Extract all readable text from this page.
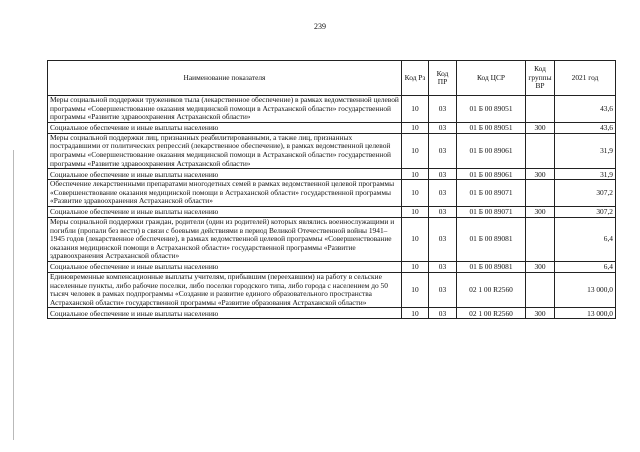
239
Наименование показателя	Код Рз	Код ПР	Код ЦСР	Код группы ВР	2021 год
Меры социальной поддержки тружеников тыла (лекарственное обеспечение) в рамках ведомственной целевой программы «Совершенствование оказания медицинской помощи в Астраханской области» государственной программы «Развитие здравоохранения Астраханской области»	10	03	01 Б 00 89051		43,6
Социальное обеспечение и иные выплаты населению	10	03	01 Б 00 89051	300	43,6
Меры социальной поддержки лиц, признанных реабилитированными, а также лиц, признанных пострадавшими от политических репрессий (лекарственное обеспечение), в рамках ведомственной целевой программы «Совершенствование оказания медицинской помощи в Астраханской области» государственной программы «Развитие здравоохранения Астраханской области»	10	03	01 Б 00 89061		31,9
Социальное обеспечение и иные выплаты населению	10	03	01 Б 00 89061	300	31,9
Обеспечение лекарственными препаратами многодетных семей в рамках ведомственной целевой программы «Совершенствование оказания медицинской помощи в Астраханской области» государственной программы «Развитие здравоохранения Астраханской области»	10	03	01 Б 00 89071		307,2
Социальное обеспечение и иные выплаты населению	10	03	01 Б 00 89071	300	307,2
Меры социальной поддержки граждан, родители (один из родителей) которых являлись военнослужащими и погибли (пропали без вести) в связи с боевыми действиями в период Великой Отечественной войны 1941–1945 годов (лекарственное обеспечение), в рамках ведомственной целевой программы «Совершенствование оказания медицинской помощи в Астраханской области» государственной программы «Развитие здравоохранения Астраханской области»	10	03	01 Б 00 89081		6,4
Социальное обеспечение и иные выплаты населению	10	03	01 Б 00 89081	300	6,4
Единовременные компенсационные выплаты учителям, прибывшим (переехавшим) на работу в сельские населенные пункты, либо рабочие поселки, либо поселки городского типа, либо города с населением до 50 тысяч человек в рамках подпрограммы «Создание и развитие единого образовательного пространства Астраханской области» государственной программы «Развитие образования Астраханской области»	10	03	02 1 00 R2560		13 000,0
Социальное обеспечение и иные выплаты населению	10	03	02 1 00 R2560	300	13 000,0
